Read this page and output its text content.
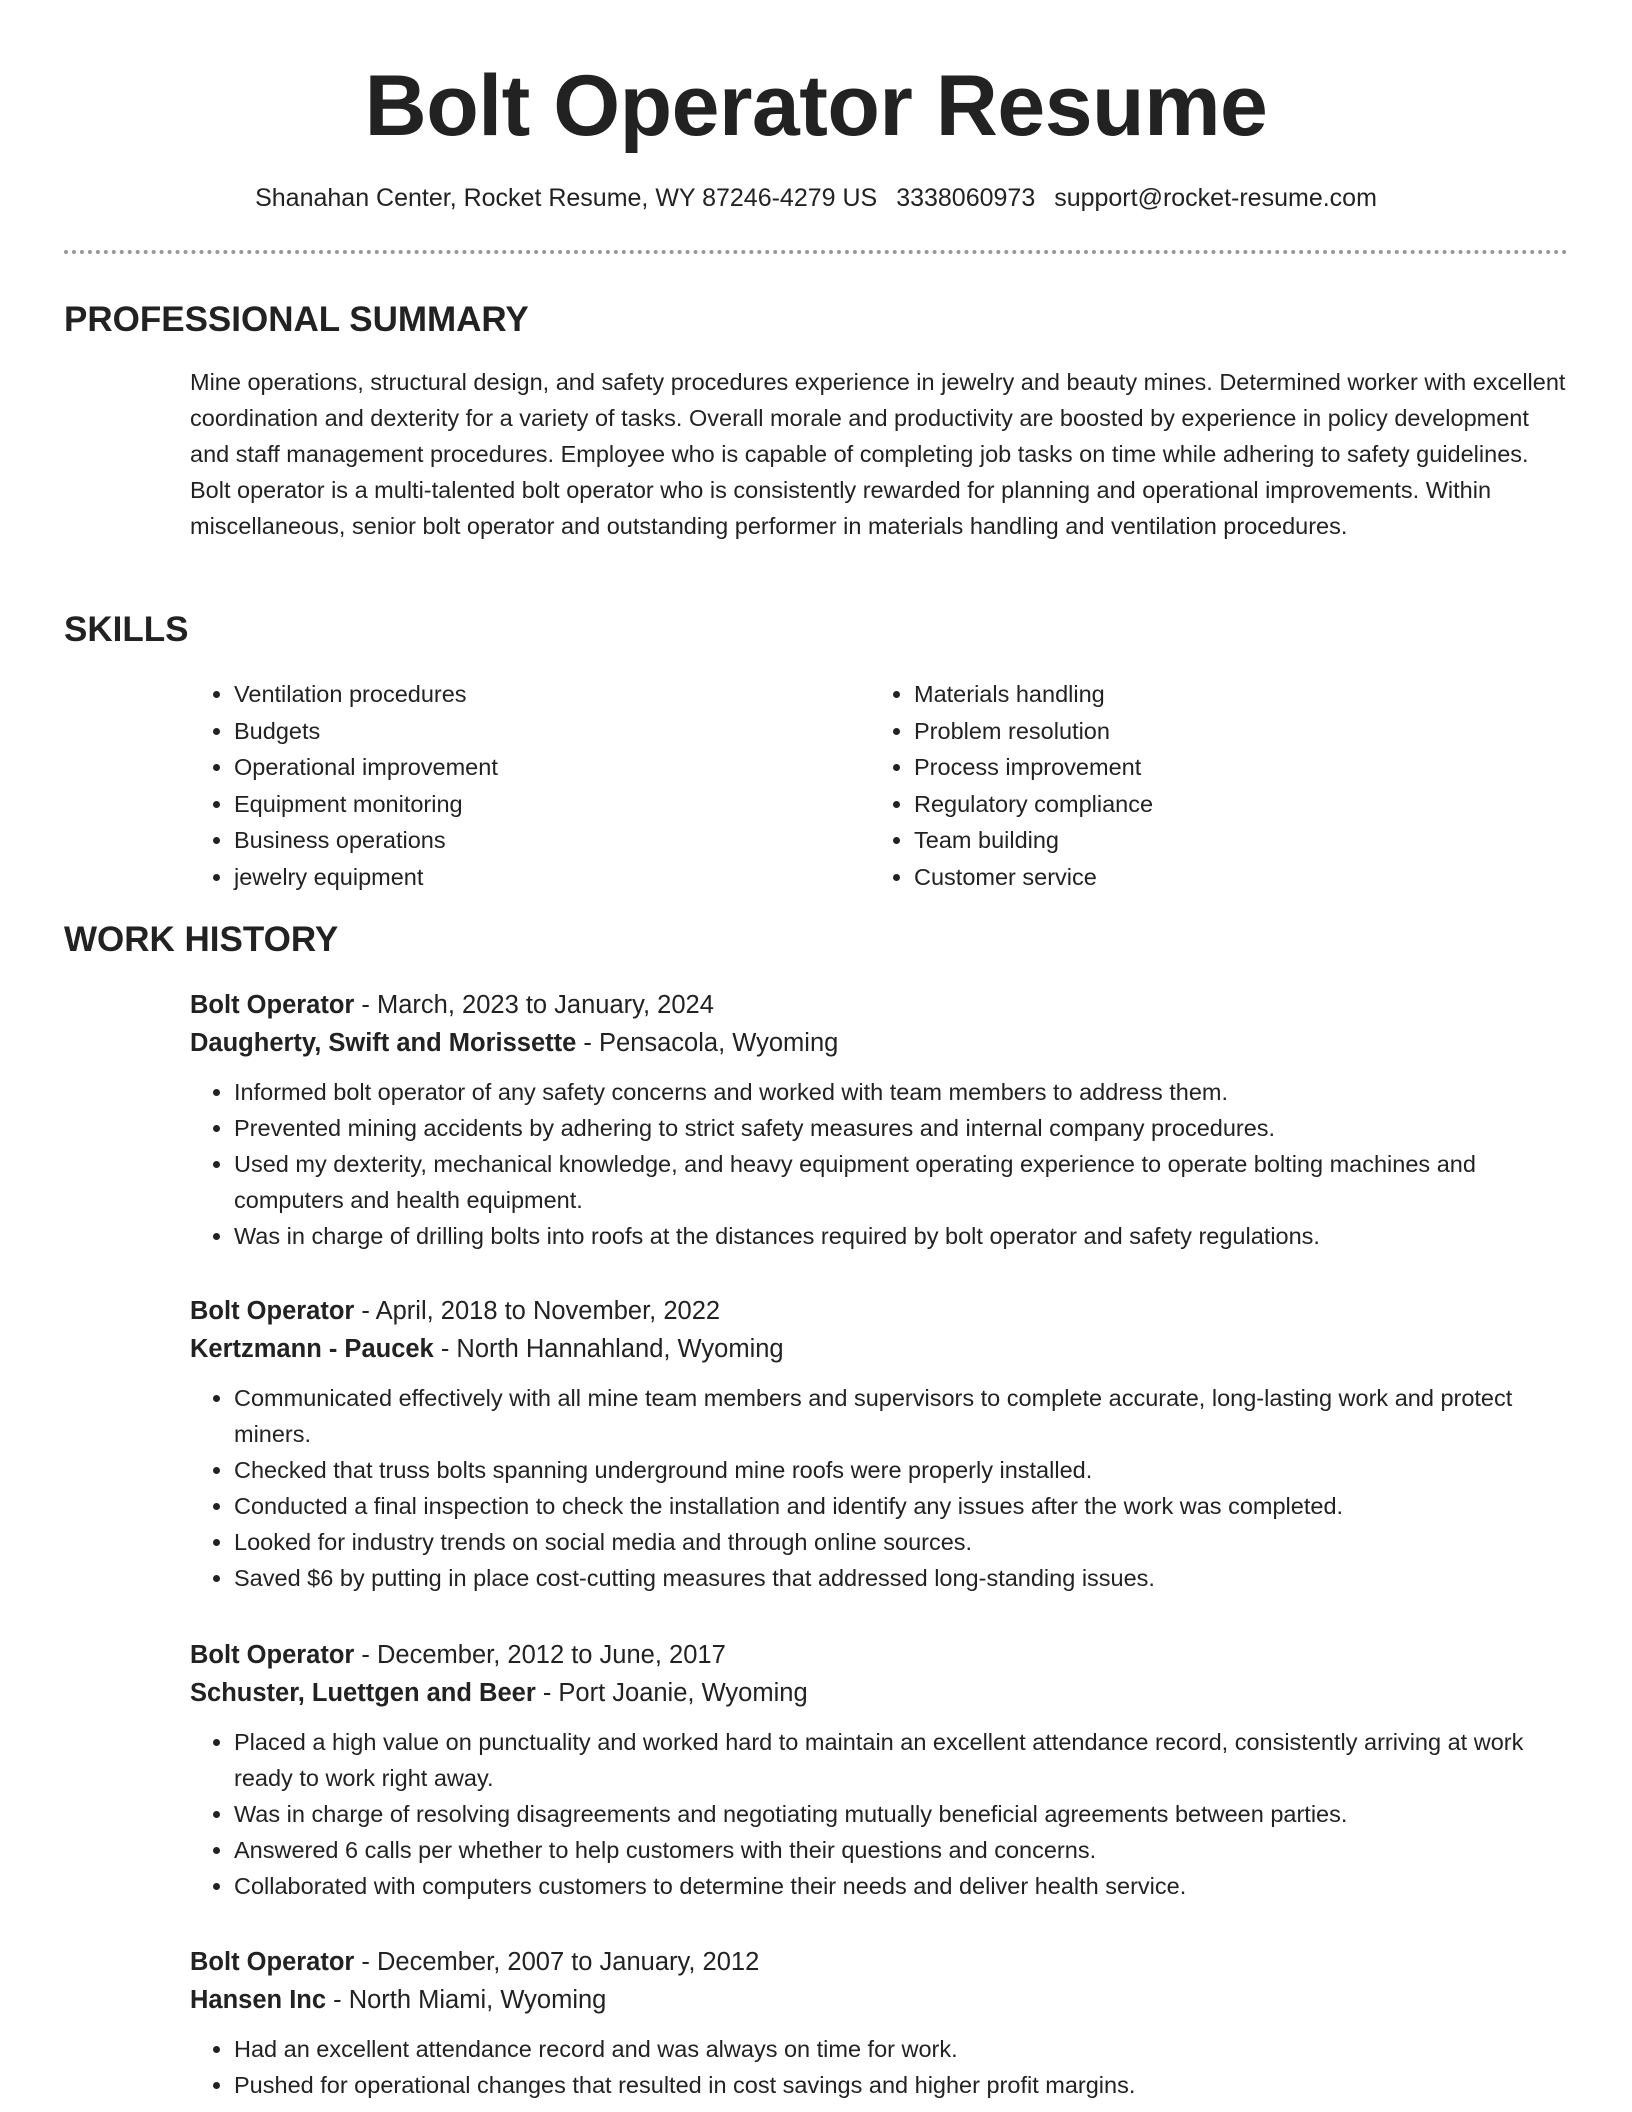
Bolt Operator Resume
Shanahan Center, Rocket Resume, WY 87246-4279 US 3338060973 support@rocket-resume.com
PROFESSIONAL SUMMARY

Mine operations, structural design, and safety procedures experience in jewelry and beauty mines. Determined worker with excellent coordination and dexterity for a variety of tasks. Overall morale and productivity are boosted by experience in policy development and staff management procedures. Employee who is capable of completing job tasks on time while adhering to safety guidelines. Bolt operator is a multi-talented bolt operator who is consistently rewarded for planning and operational improvements. Within miscellaneous, senior bolt operator and outstanding performer in materials handling and ventilation procedures.

SKILLS
• Ventilation procedures
• Budgets
• Operational improvement
• Equipment monitoring
• Business operations
• jewelry equipment
• Materials handling
• Problem resolution
• Process improvement
• Regulatory compliance
• Team building
• Customer service
WORK HISTORY

Bolt Operator - March, 2023 to January, 2024

Daugherty, Swift and Morissette - Pensacola, Wyoming

• Informed bolt operator of any safety concerns and worked with team members to address them.
• Prevented mining accidents by adhering to strict safety measures and internal company procedures.
• Used my dexterity, mechanical knowledge, and heavy equipment operating experience to operate bolting machines and computers and health equipment.
• Was in charge of drilling bolts into roofs at the distances required by bolt operator and safety regulations.

Bolt Operator - April, 2018 to November, 2022

Kertzmann - Paucek - North Hannahland, Wyoming

• Communicated effectively with all mine team members and supervisors to complete accurate, long-lasting work and protect miners.
• Checked that truss bolts spanning underground mine roofs were properly installed.
• Conducted a final inspection to check the installation and identify any issues after the work was completed.
• Looked for industry trends on social media and through online sources.
• Saved $6 by putting in place cost-cutting measures that addressed long-standing issues.

Bolt Operator - December, 2012 to June, 2017

Schuster, Luettgen and Beer - Port Joanie, Wyoming

• Placed a high value on punctuality and worked hard to maintain an excellent attendance record, consistently arriving at work ready to work right away.
• Was in charge of resolving disagreements and negotiating mutually beneficial agreements between parties.
• Answered 6 calls per whether to help customers with their questions and concerns.
• Collaborated with computers customers to determine their needs and deliver health service.

Bolt Operator - December, 2007 to January, 2012

Hansen Inc - North Miami, Wyoming

• Had an excellent attendance record and was always on time for work.
• Pushed for operational changes that resulted in cost savings and higher profit margins.
